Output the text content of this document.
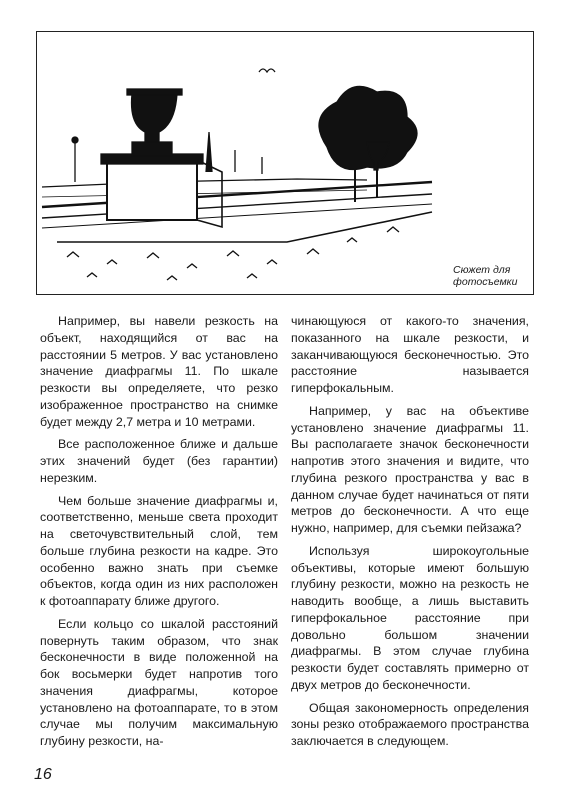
Сюжет для фотосъемки

Например, вы навели резкость на объект, находящийся от вас на расстоянии 5 метров. У вас установлено значение диафрагмы 11. По шкале резкости вы определяете, что резко изображенное пространство на снимке будет между 2,7 метра и 10 метрами.

Все расположенное ближе и дальше этих значений будет (без гарантии) нерезким.

Чем больше значение диафрагмы и, соответственно, меньше света проходит на светочувствительный слой, тем больше глубина резкости на кадре. Это особенно важно знать при съемке объектов, когда один из них расположен к фотоаппарату ближе другого.

Если кольцо со шкалой расстояний повернуть таким образом, что знак бесконечности в виде положенной на бок восьмерки будет напротив того значения диафрагмы, которое установлено на фотоаппарате, то в этом случае мы получим максимальную глубину резкости, на-

чинающуюся от какого-то значения, показанного на шкале резкости, и заканчивающуюся бесконечностью. Это расстояние называется гиперфокальным.

Например, у вас на объективе установлено значение диафрагмы 11. Вы располагаете значок бесконечности напротив этого значения и видите, что глубина резкого пространства у вас в данном случае будет начинаться от пяти метров до бесконечности. А что еще нужно, например, для съемки пейзажа?

Используя широкоугольные объективы, которые имеют большую глубину резкости, можно на резкость не наводить вообще, а лишь выставить гиперфокальное расстояние при довольно большом значении диафрагмы. В этом случае глубина резкости будет составлять примерно от двух метров до бесконечности.

Общая закономерность определения зоны резко отображаемого пространства заключается в следующем.

16
